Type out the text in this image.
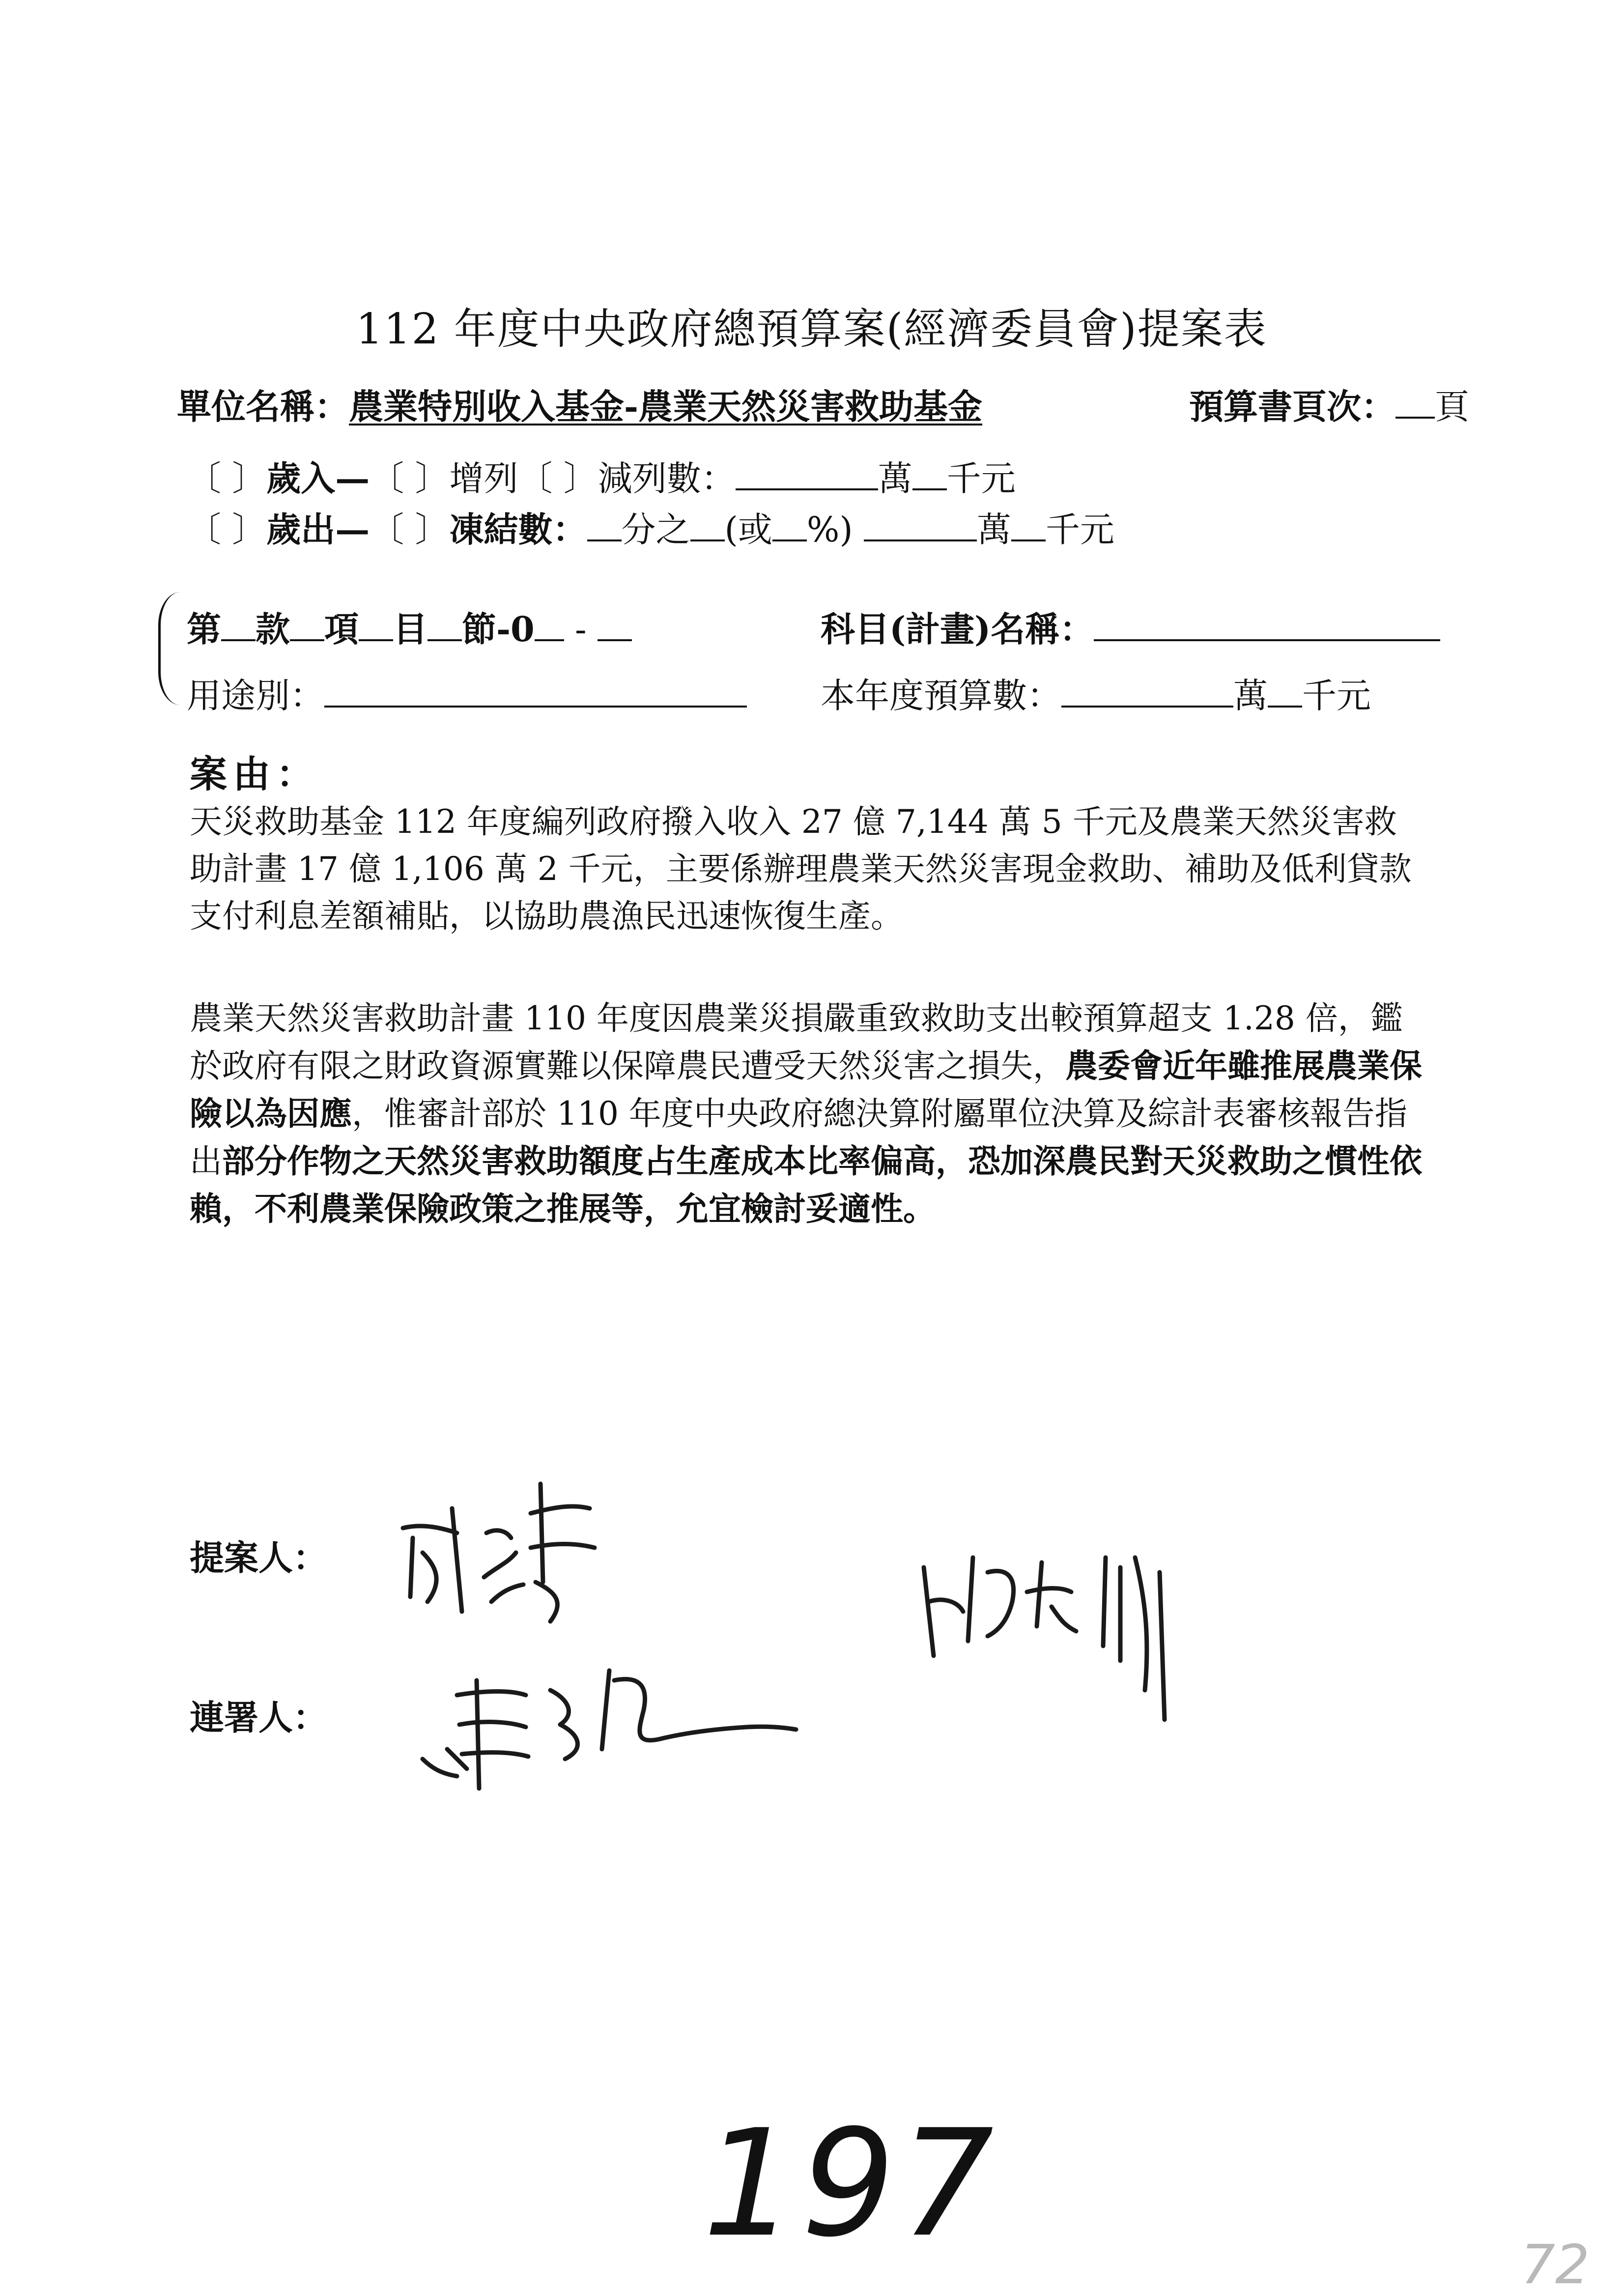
112 年度中央政府總預算案(經濟委員會)提案表
單位名稱：農業特別收入基金-農業天然災害救助基金	預算書頁次： 頁
〔 〕歲入—〔 〕增列〔 〕減列數：	萬 千元
〔 〕歲出—〔 〕凍結數： 分之 (或 %)	萬 千元
第 款 項 目 節-0 -	科目(計畫)名稱：
用途別：	本年度預算數：	萬 千元
案由：
天災救助基金 112 年度編列政府撥入收入 27 億 7,144 萬 5 千元及農業天然災害救助計畫 17 億 1,106 萬 2 千元，主要係辦理農業天然災害現金救助、補助及低利貸款支付利息差額補貼，以協助農漁民迅速恢復生產。
農業天然災害救助計畫 110 年度因農業災損嚴重致救助支出較預算超支 1.28 倍，鑑於政府有限之財政資源實難以保障農民遭受天然災害之損失，農委會近年雖推展農業保險以為因應，惟審計部於 110 年度中央政府總決算附屬單位決算及綜計表審核報告指出部分作物之天然災害救助額度占生產成本比率偏高，恐加深農民對天災救助之慣性依賴，不利農業保險政策之推展等，允宜檢討妥適性。
提案人：
連署人：
197	72
